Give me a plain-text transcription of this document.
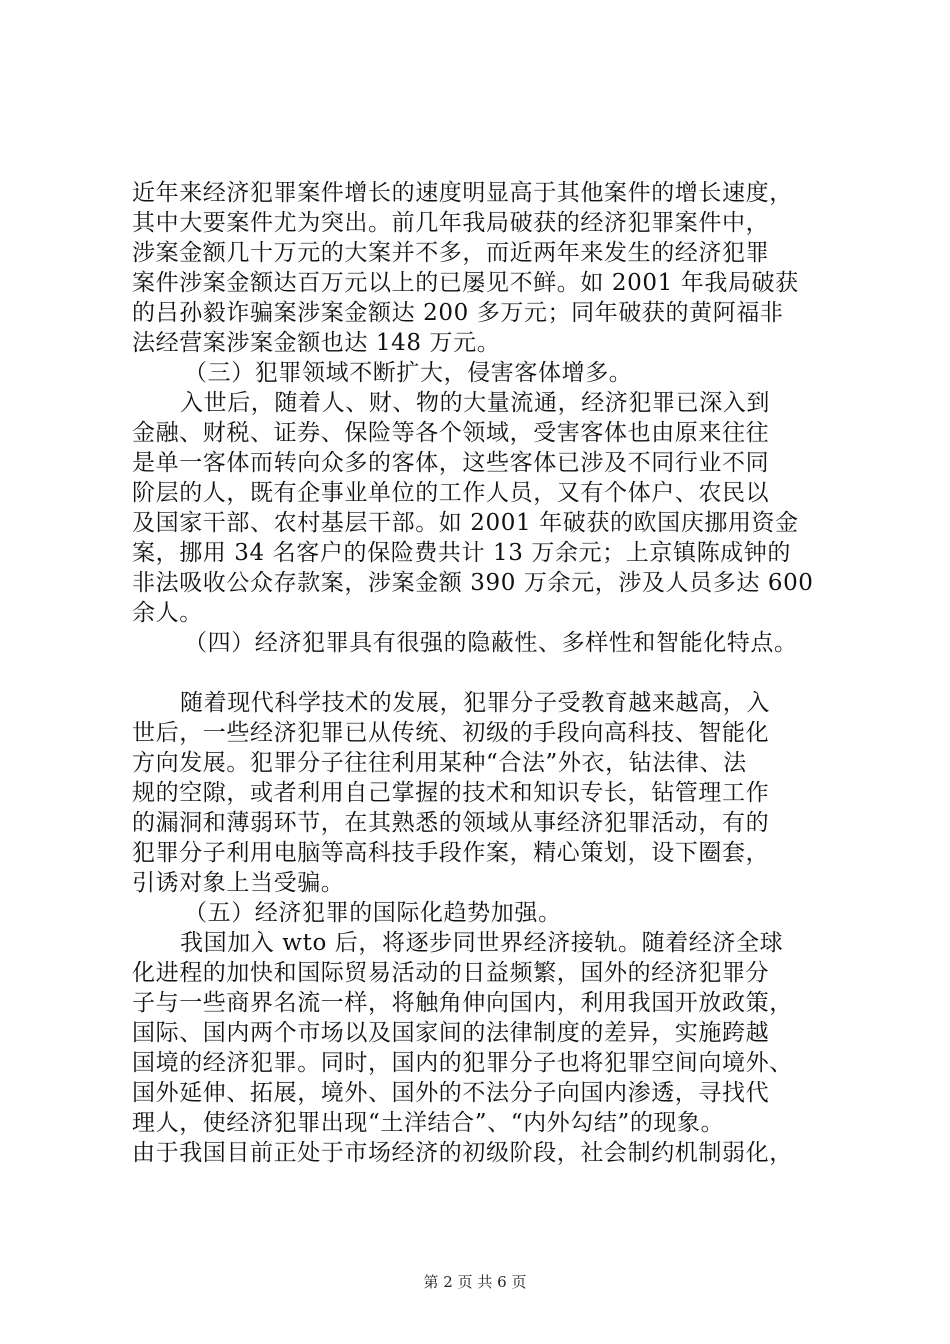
近年来经济犯罪案件增长的速度明显高于其他案件的增长速度，
其中大要案件尤为突出。前几年我局破获的经济犯罪案件中，
涉案金额几十万元的大案并不多，而近两年来发生的经济犯罪
案件涉案金额达百万元以上的已屡见不鲜。如 2001 年我局破获
的吕孙毅诈骗案涉案金额达 200 多万元；同年破获的黄阿福非
法经营案涉案金额也达 148 万元。
（三）犯罪领域不断扩大，侵害客体增多。
入世后，随着人、财、物的大量流通，经济犯罪已深入到
金融、财税、证券、保险等各个领域，受害客体也由原来往往
是单一客体而转向众多的客体，这些客体已涉及不同行业不同
阶层的人，既有企事业单位的工作人员，又有个体户、农民以
及国家干部、农村基层干部。如 2001 年破获的欧国庆挪用资金
案，挪用 34 名客户的保险费共计 13 万余元；上京镇陈成钟的
非法吸收公众存款案，涉案金额 390 万余元，涉及人员多达 600
余人。
（四）经济犯罪具有很强的隐蔽性、多样性和智能化特点。
随着现代科学技术的发展，犯罪分子受教育越来越高，入
世后，一些经济犯罪已从传统、初级的手段向高科技、智能化
方向发展。犯罪分子往往利用某种“合法”外衣，钻法律、法
规的空隙，或者利用自己掌握的技术和知识专长，钻管理工作
的漏洞和薄弱环节，在其熟悉的领域从事经济犯罪活动，有的
犯罪分子利用电脑等高科技手段作案，精心策划，设下圈套，
引诱对象上当受骗。
（五）经济犯罪的国际化趋势加强。
我国加入 wto 后，将逐步同世界经济接轨。随着经济全球
化进程的加快和国际贸易活动的日益频繁，国外的经济犯罪分
子与一些商界名流一样，将触角伸向国内，利用我国开放政策，
国际、国内两个市场以及国家间的法律制度的差异，实施跨越
国境的经济犯罪。同时，国内的犯罪分子也将犯罪空间向境外、
国外延伸、拓展，境外、国外的不法分子向国内渗透，寻找代
理人，使经济犯罪出现“土洋结合”、“内外勾结”的现象。
由于我国目前正处于市场经济的初级阶段，社会制约机制弱化，
第 2 页 共 6 页
